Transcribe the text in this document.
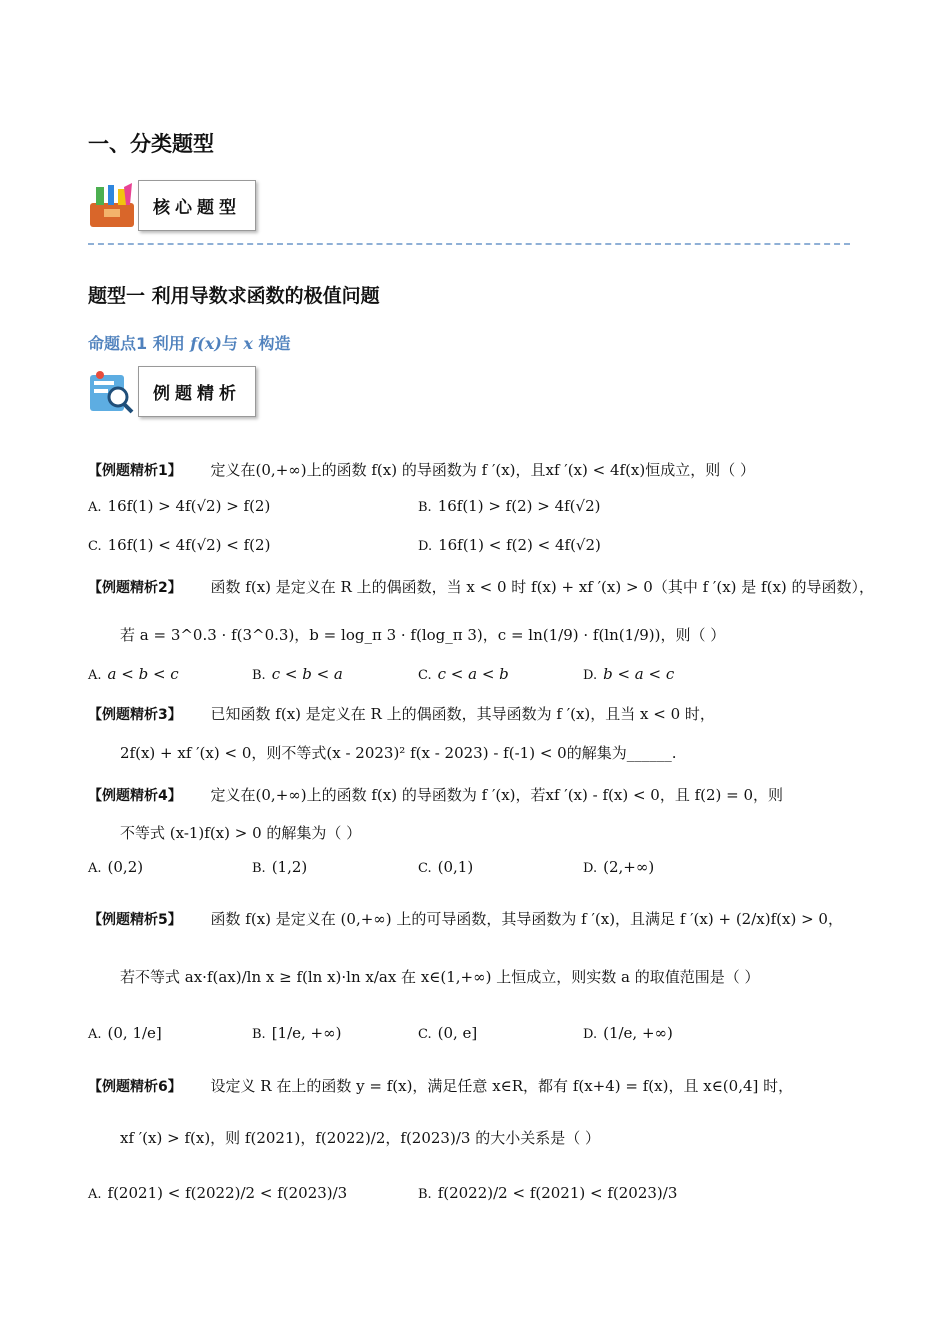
一、分类题型
核心题型
题型一 利用导数求函数的极值问题
命题点1 利用 f(x)与 x 构造
例题精析
【例题精析1】 定义在(0,+∞)上的函数 f(x) 的导函数为 f ′(x)，且xf ′(x) < 4f(x)恒成立，则（ ）
A. 16f(1) > 4f(√2) > f(2)	B. 16f(1) > f(2) > 4f(√2)
C. 16f(1) < 4f(√2) < f(2)	D. 16f(1) < f(2) < 4f(√2)
【例题精析2】 函数 f(x) 是定义在 R 上的偶函数，当 x < 0 时 f(x) + xf ′(x) > 0（其中 f ′(x) 是 f(x) 的导函数），
若 a = 3^0.3 · f(3^0.3)，b = log_π 3 · f(log_π 3)，c = ln(1/9) · f(ln(1/9))，则（ ）
A. a < b < c	B. c < b < a	C. c < a < b	D. b < a < c
【例题精析3】 已知函数 f(x) 是定义在 R 上的偶函数，其导函数为 f ′(x)，且当 x < 0 时，
2f(x) + xf ′(x) < 0，则不等式(x - 2023)² f(x - 2023) - f(-1) < 0的解集为______.
【例题精析4】 定义在(0,+∞)上的函数 f(x) 的导函数为 f ′(x)，若xf ′(x) - f(x) < 0，且 f(2) = 0，则
不等式 (x-1)f(x) > 0 的解集为（ ）
A. (0,2)	B. (1,2)	C. (0,1)	D. (2,+∞)
【例题精析5】 函数 f(x) 是定义在 (0,+∞) 上的可导函数，其导函数为 f ′(x)，且满足 f ′(x) + (2/x)f(x) > 0，
若不等式 ax·f(ax)/ln x ≥ f(ln x)·ln x/ax 在 x∈(1,+∞) 上恒成立，则实数 a 的取值范围是（ ）
A. (0, 1/e]	B. [1/e, +∞)	C. (0, e]	D. (1/e, +∞)
【例题精析6】 设定义 R 在上的函数 y = f(x)，满足任意 x∈R，都有 f(x+4) = f(x)，且 x∈(0,4] 时，
xf ′(x) > f(x)，则 f(2021)，f(2022)/2，f(2023)/3 的大小关系是（ ）
A. f(2021) < f(2022)/2 < f(2023)/3	B. f(2022)/2 < f(2021) < f(2023)/3
